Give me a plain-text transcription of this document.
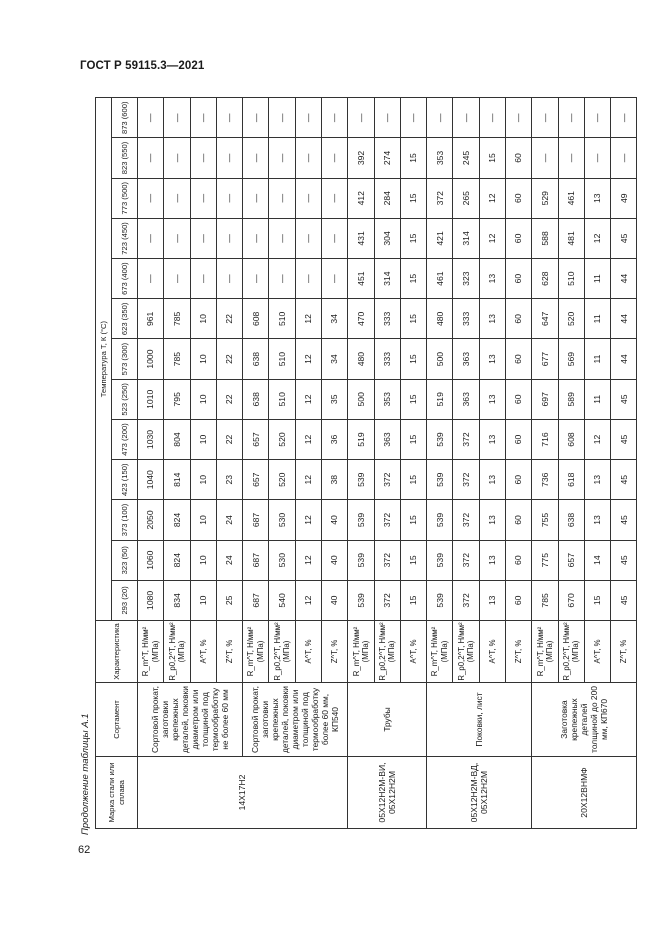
ГОСТ Р 59115.3—2021
Продолжение таблицы А.1 Марка стали или сплава	Сортамент	Характеристика	Температура T, К (°С)												
			293 (20)	323 (50)	373 (100)	423 (150)	473 (200)	523 (250)	573 (300)	623 (350)	673 (400)	723 (450)	773 (500)	823 (550)	873 (600)
14Х17Н2	Сортовой прокат, заготовки крепежных деталей, поковки диаметром или толщиной под термообработку не более 60 мм	R_m^T, Н/мм² (МПа)	1080	1060	2050	1040	1030	1010	1000	961	—	—	—	—	—
		R_p0,2^T, Н/мм² (МПа)	834	824	824	814	804	795	785	785	—	—	—	—	—
		A^T, %	10	10	10	10	10	10	10	10	—	—	—	—	—
		Z^T, %	25	24	24	23	22	22	22	22	—	—	—	—	—
	Сортовой прокат, заготовки крепежных деталей, поковки диаметром или толщиной под термообработку более 60 мм, КП540	R_m^T, Н/мм² (МПа)	687	687	687	657	657	638	638	608	—	—	—	—	—
		R_p0,2^T, Н/мм² (МПа)	540	530	530	520	520	510	510	510	—	—	—	—	—
		A^T, %	12	12	12	12	12	12	12	12	—	—	—	—	—
		Z^T, %	40	40	40	38	36	35	34	34	—	—	—	—	—
05Х12Н2М-ВИ, 05Х12Н2М	Трубы	R_m^T, Н/мм² (МПа)	539	539	539	539	519	500	480	470	451	431	412	392	—
		R_p0,2^T, Н/мм² (МПа)	372	372	372	372	363	353	333	333	314	304	284	274	—
		A^T, %	15	15	15	15	15	15	15	15	15	15	15	15	—
05Х12Н2М-ВД, 05Х12Н2М	Поковки, лист	R_m^T, Н/мм² (МПа)	539	539	539	539	539	519	500	480	461	421	372	353	—
		R_p0,2^T, Н/мм² (МПа)	372	372	372	372	372	363	363	333	323	314	265	245	—
		A^T, %	13	13	13	13	13	13	13	13	13	12	12	15	—
		Z^T, %	60	60	60	60	60	60	60	60	60	60	60	60	—
20Х12ВНМФ	Заготовка крепежных деталей толщиной до 200 мм, КП670	R_m^T, Н/мм² (МПа)	785	775	755	736	716	697	677	647	628	588	529	—	—
		R_p0,2^T, Н/мм² (МПа)	670	657	638	618	608	589	569	520	510	481	461	—	—
		A^T, %	15	14	13	13	12	11	11	11	11	12	13	—	—
		Z^T, %	45	45	45	45	45	45	44	44	44	45	49	—	—
62
